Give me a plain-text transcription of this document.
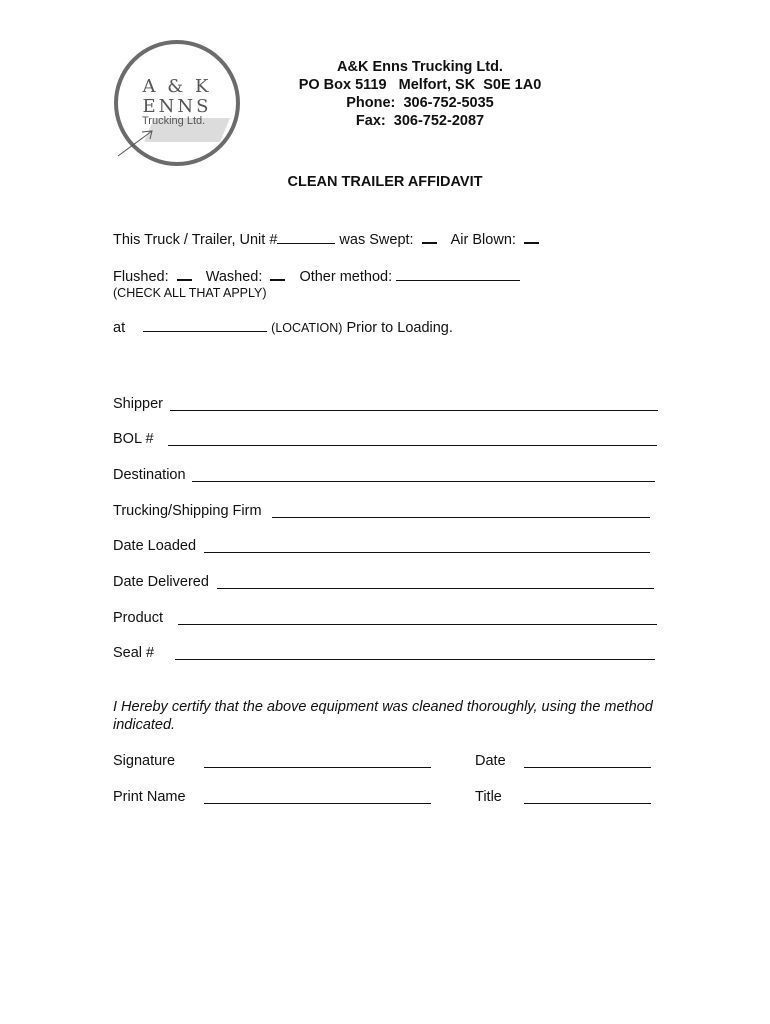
A & K
ENNS
Trucking Ltd.
A&K Enns Trucking Ltd.
PO Box 5119   Melfort, SK  S0E 1A0
Phone:  306-752-5035
Fax:  306-752-2087
CLEAN TRAILER AFFIDAVIT
This Truck / Trailer, Unit #	was Swept:	Air Blown:
Flushed:	Washed:	Other method:
(CHECK ALL THAT APPLY)
at	(LOCATION) Prior to Loading.
Shipper
BOL #
Destination
Trucking/Shipping Firm
Date Loaded
Date Delivered
Product
Seal #
I Hereby certify that the above equipment was cleaned thoroughly, using the method indicated.
Signature	Date
Print Name	Title
